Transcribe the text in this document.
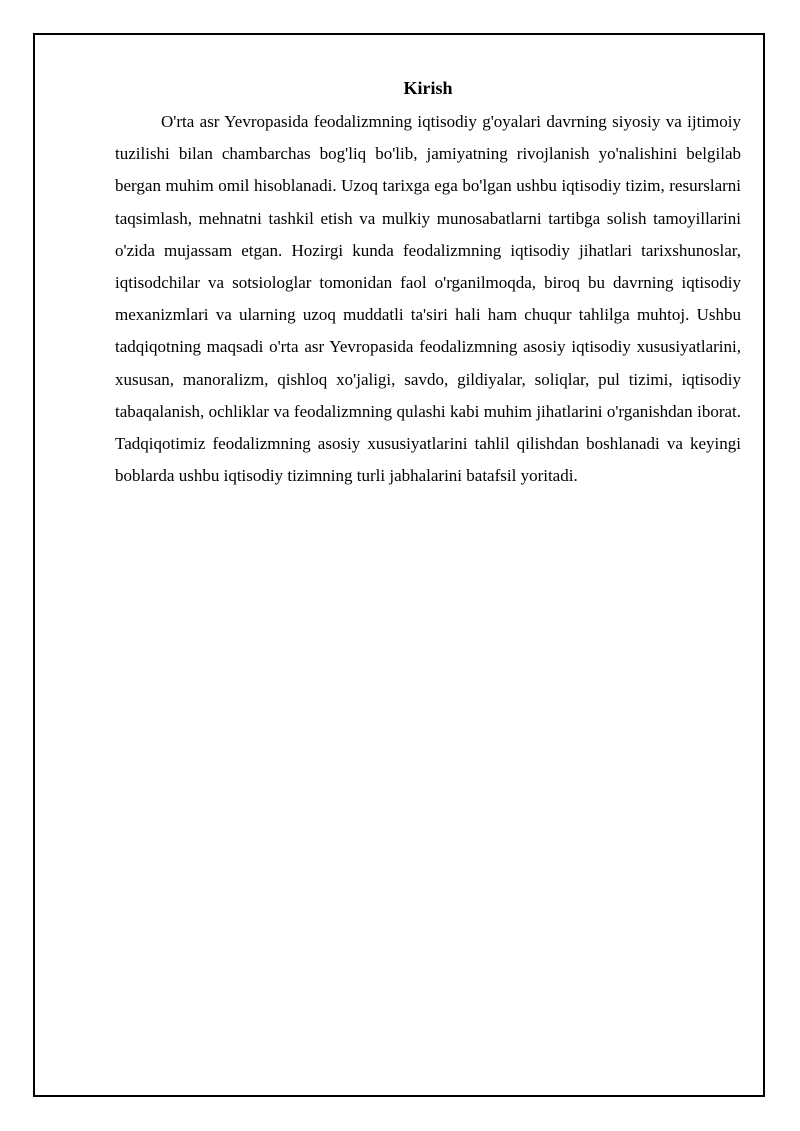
Kirish

O'rta asr Yevropasida feodalizmning iqtisodiy g'oyalari davrning siyosiy va ijtimoiy tuzilishi bilan chambarchas bog'liq bo'lib, jamiyatning rivojlanish yo'nalishini belgilab bergan muhim omil hisoblanadi. Uzoq tarixga ega bo'lgan ushbu iqtisodiy tizim, resurslarni taqsimlash, mehnatni tashkil etish va mulkiy munosabatlarni tartibga solish tamoyillarini o'zida mujassam etgan. Hozirgi kunda feodalizmning iqtisodiy jihatlari tarixshunoslar, iqtisodchilar va sotsiologlar tomonidan faol o'rganilmoqda, biroq bu davrning iqtisodiy mexanizmlari va ularning uzoq muddatli ta'siri hali ham chuqur tahlilga muhtoj. Ushbu tadqiqotning maqsadi o'rta asr Yevropasida feodalizmning asosiy iqtisodiy xususiyatlarini, xususan, manoralizm, qishloq xo'jaligi, savdo, gildiyalar, soliqlar, pul tizimi, iqtisodiy tabaqalanish, ochliklar va feodalizmning qulashi kabi muhim jihatlarini o'rganishdan iborat. Tadqiqotimiz feodalizmning asosiy xususiyatlarini tahlil qilishdan boshlanadi va keyingi boblarda ushbu iqtisodiy tizimning turli jabhalarini batafsil yoritadi.
